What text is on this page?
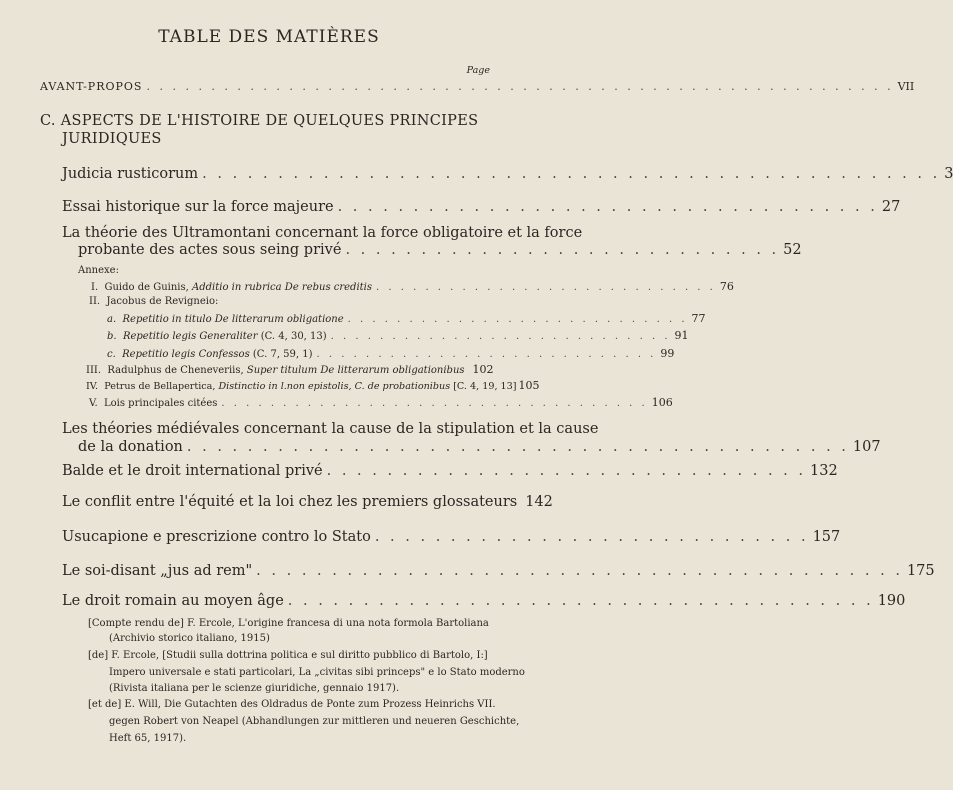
TABLE DES MATIÈRES
Page
AVANT-PROPOS . . . . . . . . . . . . . . . . . . . . . . . . . . . . . . . . . . . . . . . . . . . . . . . . . . . . . . . . . . VII
C. ASPECTS DE L'HISTOIRE DE QUELQUES PRINCIPES
JURIDIQUES
Judicia rusticorum . . . . . . . . . . . . . . . . . . . . . . . . . . . . . . . . . . . . . . . . . . . . . . . . . 3
Essai historique sur la force majeure . . . . . . . . . . . . . . . . . . . . . . . . . . . . . . . . . . . . 27
La théorie des Ultramontani concernant la force obligatoire et la force
probante des actes sous seing privé . . . . . . . . . . . . . . . . . . . . . . . . . . . . . 52
Annexe:
I. Guido de Guinis, Additio in rubrica De rebus creditis . . . . . . . . . . . . . . . . . . . . . . . . . . . . 76
II. Jacobus de Revigneio:
a. Repetitio in titulo De litterarum obligatione . . . . . . . . . . . . . . . . . . . . . . . . . . . . 77
b. Repetitio legis Generaliter (C. 4, 30, 13) . . . . . . . . . . . . . . . . . . . . . . . . . . . . 91
c. Repetitio legis Confessos (C. 7, 59, 1) . . . . . . . . . . . . . . . . . . . . . . . . . . . . 99
III. Radulphus de Cheneveriis, Super titulum De litterarum obligationibus 102
IV. Petrus de Bellapertica, Distinctio in l.non epistolis, C. de probationibus [C. 4, 19, 13] 105
V. Lois principales citées . . . . . . . . . . . . . . . . . . . . . . . . . . . . . . . . . . . 106
Les théories médiévales concernant la cause de la stipulation et la cause
de la donation . . . . . . . . . . . . . . . . . . . . . . . . . . . . . . . . . . . . . . . . . . . . 107
Balde et le droit international privé . . . . . . . . . . . . . . . . . . . . . . . . . . . . . . . . 132
Le conflit entre l'équité et la loi chez les premiers glossateurs 142
Usucapione e prescrizione contro lo Stato . . . . . . . . . . . . . . . . . . . . . . . . . . . . . 157
Le soi-disant „jus ad rem" . . . . . . . . . . . . . . . . . . . . . . . . . . . . . . . . . . . . . . . . . . . 175
Le droit romain au moyen âge . . . . . . . . . . . . . . . . . . . . . . . . . . . . . . . . . . . . . . . 190
[Compte rendu de] F. Ercole, L'origine francesa di una nota formola Bartoliana
(Archivio storico italiano, 1915)
[de] F. Ercole, [Studii sulla dottrina politica e sul diritto pubblico di Bartolo, I:]
Impero universale e stati particolari, La „civitas sibi princeps" e lo Stato moderno
(Rivista italiana per le scienze giuridiche, gennaio 1917).
[et de] E. Will, Die Gutachten des Oldradus de Ponte zum Prozess Heinrichs VII.
gegen Robert von Neapel (Abhandlungen zur mittleren und neueren Geschichte,
Heft 65, 1917).
